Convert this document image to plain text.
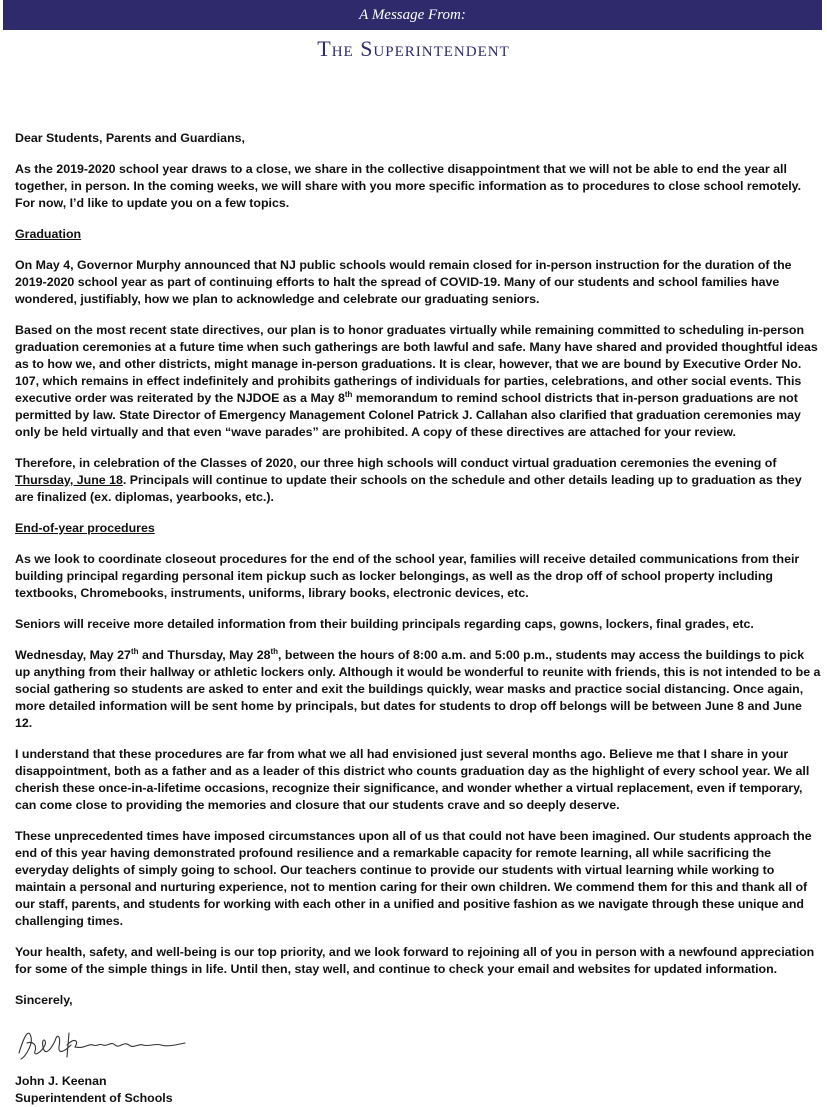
A Message From:
The Superintendent

Dear Students, Parents and Guardians,

As the 2019-2020 school year draws to a close, we share in the collective disappointment that we will not be able to end the year all together, in person. In the coming weeks, we will share with you more specific information as to procedures to close school remotely. For now, I’d like to update you on a few topics.

Graduation

On May 4, Governor Murphy announced that NJ public schools would remain closed for in-person instruction for the duration of the 2019-2020 school year as part of continuing efforts to halt the spread of COVID-19. Many of our students and school families have wondered, justifiably, how we plan to acknowledge and celebrate our graduating seniors.

Based on the most recent state directives, our plan is to honor graduates virtually while remaining committed to scheduling in-person graduation ceremonies at a future time when such gatherings are both lawful and safe. Many have shared and provided thoughtful ideas as to how we, and other districts, might manage in-person graduations. It is clear, however, that we are bound by Executive Order No. 107, which remains in effect indefinitely and prohibits gatherings of individuals for parties, celebrations, and other social events. This executive order was reiterated by the NJDOE as a May 8th memorandum to remind school districts that in-person graduations are not permitted by law. State Director of Emergency Management Colonel Patrick J. Callahan also clarified that graduation ceremonies may only be held virtually and that even “wave parades” are prohibited. A copy of these directives are attached for your review.

Therefore, in celebration of the Classes of 2020, our three high schools will conduct virtual graduation ceremonies the evening of Thursday, June 18. Principals will continue to update their schools on the schedule and other details leading up to graduation as they are finalized (ex. diplomas, yearbooks, etc.).

End-of-year procedures

As we look to coordinate closeout procedures for the end of the school year, families will receive detailed communications from their building principal regarding personal item pickup such as locker belongings, as well as the drop off of school property including textbooks, Chromebooks, instruments, uniforms, library books, electronic devices, etc.

Seniors will receive more detailed information from their building principals regarding caps, gowns, lockers, final grades, etc.

Wednesday, May 27th and Thursday, May 28th, between the hours of 8:00 a.m. and 5:00 p.m., students may access the buildings to pick up anything from their hallway or athletic lockers only. Although it would be wonderful to reunite with friends, this is not intended to be a social gathering so students are asked to enter and exit the buildings quickly, wear masks and practice social distancing. Once again, more detailed information will be sent home by principals, but dates for students to drop off belongs will be between June 8 and June 12.

I understand that these procedures are far from what we all had envisioned just several months ago. Believe me that I share in your disappointment, both as a father and as a leader of this district who counts graduation day as the highlight of every school year. We all cherish these once-in-a-lifetime occasions, recognize their significance, and wonder whether a virtual replacement, even if temporary, can come close to providing the memories and closure that our students crave and so deeply deserve.

These unprecedented times have imposed circumstances upon all of us that could not have been imagined. Our students approach the end of this year having demonstrated profound resilience and a remarkable capacity for remote learning, all while sacrificing the everyday delights of simply going to school. Our teachers continue to provide our students with virtual learning while working to maintain a personal and nurturing experience, not to mention caring for their own children. We commend them for this and thank all of our staff, parents, and students for working with each other in a unified and positive fashion as we navigate through these unique and challenging times.

Your health, safety, and well-being is our top priority, and we look forward to rejoining all of you in person with a newfound appreciation for some of the simple things in life. Until then, stay well, and continue to check your email and websites for updated information.

Sincerely,

John J. Keenan

Superintendent of Schools
